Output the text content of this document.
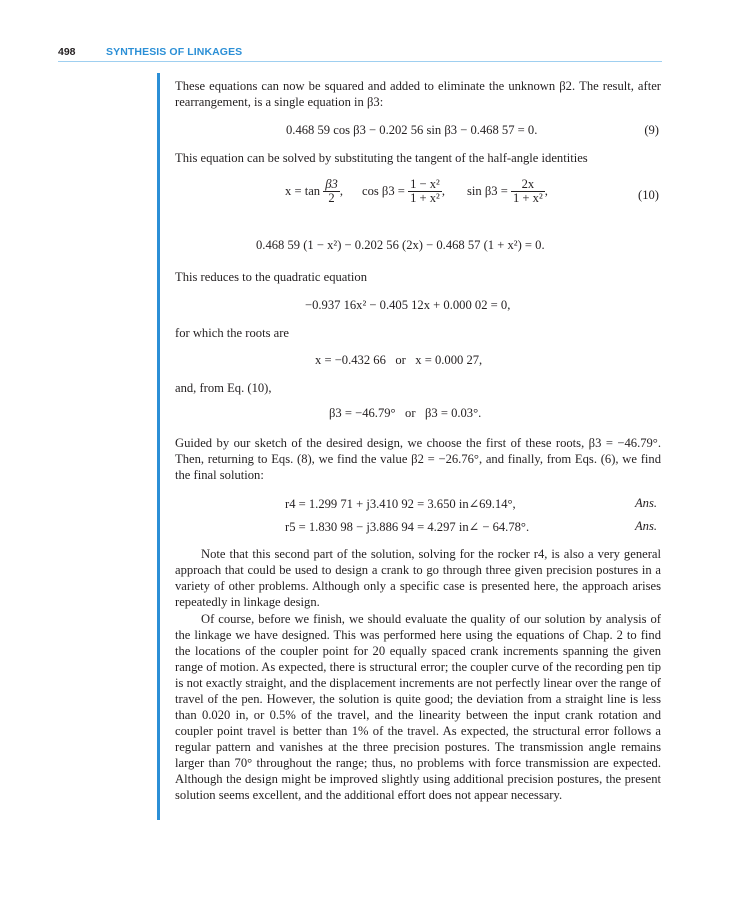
498	SYNTHESIS OF LINKAGES

These equations can now be squared and added to eliminate the unknown β2. The result, after rearrangement, is a single equation in β3:

0.468 59 cos β3 − 0.202 56 sin β3 − 0.468 57 = 0.	(9)

This equation can be solved by substituting the tangent of the half-angle identities

$x = \tan \frac{\beta 3}{2}$ , $\cos \beta 3 = \frac{\text{1 − x²}}{\text{1 + x²}}$ , $\sin \beta 3 = \frac{2x}{\text{1 + x²}}$ ,	(10)
0.468 59 (1 − x²) − 0.202 56 (2x) − 0.468 57 (1 + x²) = 0.

This reduces to the quadratic equation

−0.937 16x² − 0.405 12x + 0.000 02 = 0,

for which the roots are

x = −0.432 66   or   x = 0.000 27,

and, from Eq. (10),

β3 = −46.79°   or   β3 = 0.03°.

Guided by our sketch of the desired design, we choose the first of these roots, β3 = −46.79°. Then, returning to Eqs. (8), we find the value β2 = −26.76°, and finally, from Eqs. (6), we find the final solution:

r4 = 1.299 71 + j3.410 92 = 3.650 in∠69.14°,	Ans.
r5 = 1.830 98 − j3.886 94 = 4.297 in∠ − 64.78°.	Ans.

Note that this second part of the solution, solving for the rocker r4, is also a very general approach that could be used to design a crank to go through three given precision postures in a variety of other problems. Although only a specific case is presented here, the approach arises repeatedly in linkage design.

Of course, before we finish, we should evaluate the quality of our solution by analysis of the linkage we have designed. This was performed here using the equations of Chap. 2 to find the locations of the coupler point for 20 equally spaced crank increments spanning the given range of motion. As expected, there is structural error; the coupler curve of the recording pen tip is not exactly straight, and the displacement increments are not perfectly linear over the range of travel of the pen. However, the solution is quite good; the deviation from a straight line is less than 0.020 in, or 0.5% of the travel, and the linearity between the input crank rotation and coupler point travel is better than 1% of the travel. As expected, the structural error follows a regular pattern and vanishes at the three precision postures. The transmission angle remains larger than 70° throughout the range; thus, no problems with force transmission are expected. Although the design might be improved slightly using additional precision postures, the present solution seems excellent, and the additional effort does not appear necessary.
